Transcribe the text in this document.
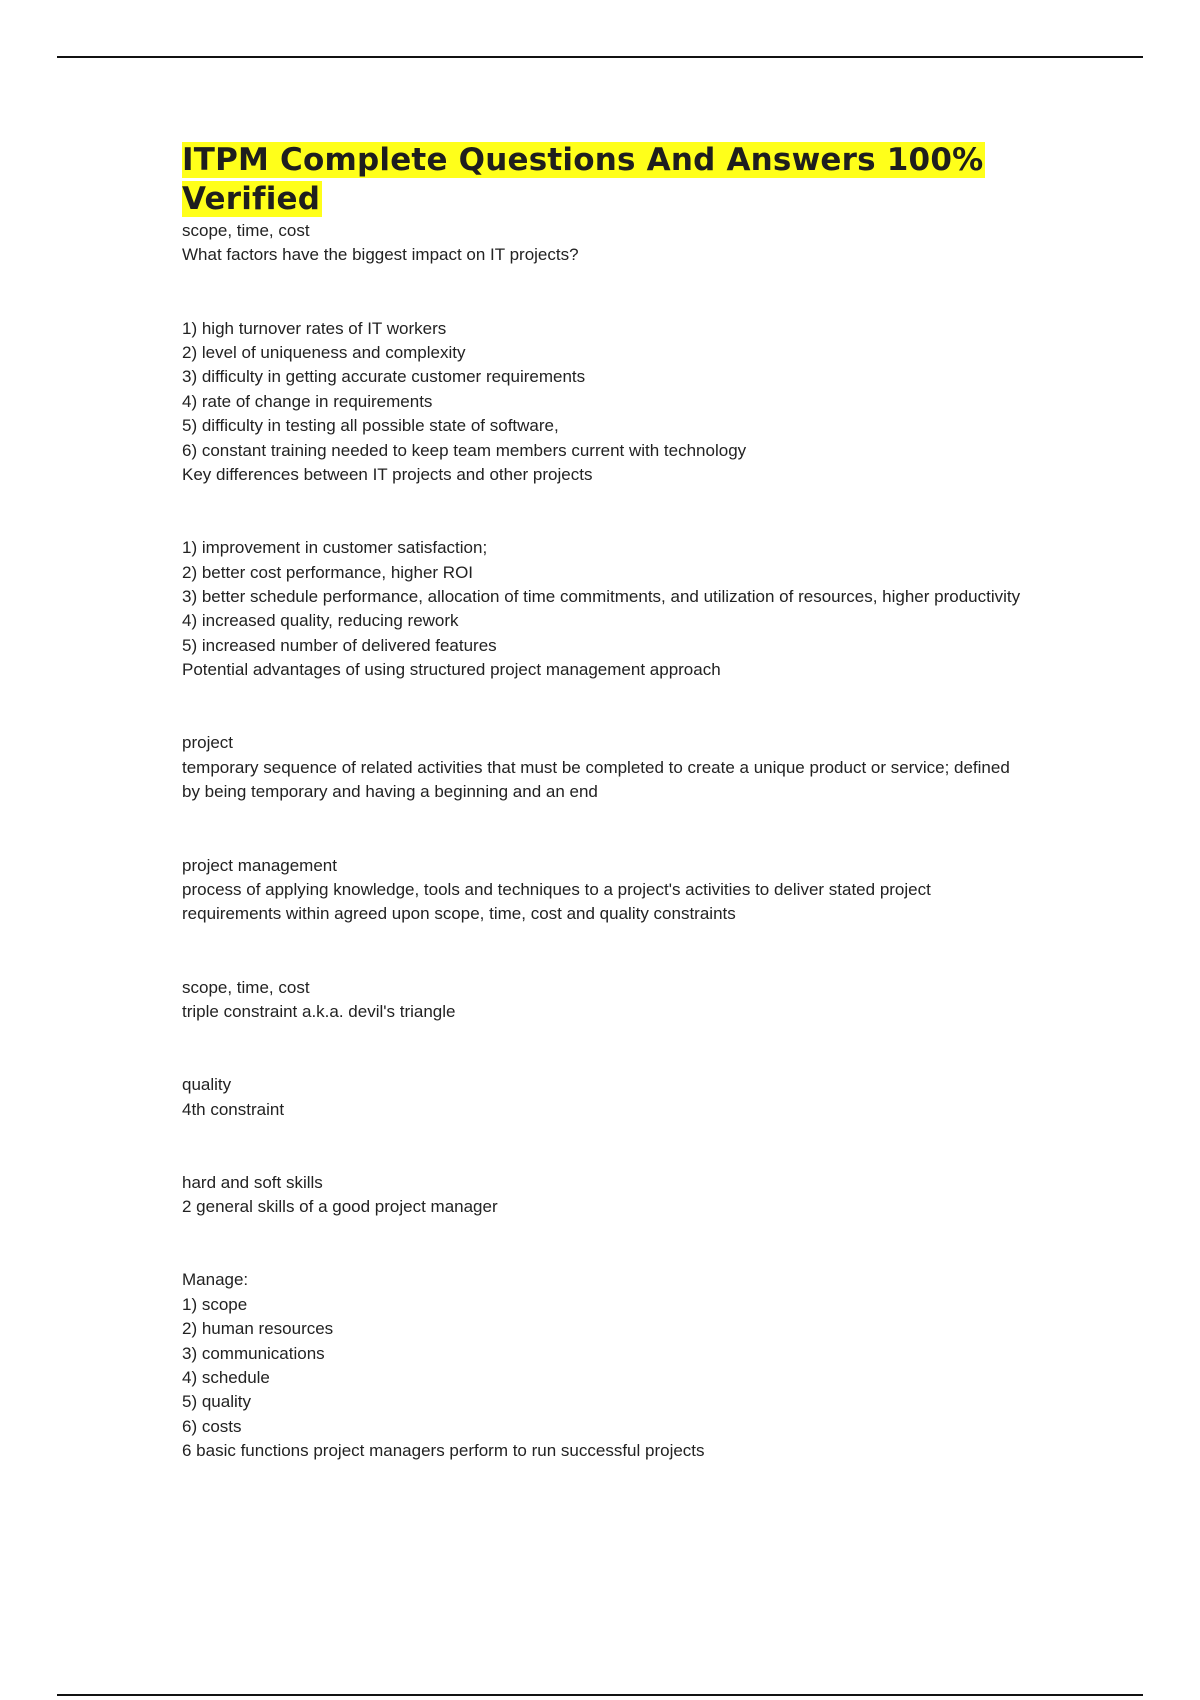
ITPM Complete Questions And Answers 100% Verified
scope, time, cost
What factors have the biggest impact on IT projects?
1) high turnover rates of IT workers
2) level of uniqueness and complexity
3) difficulty in getting accurate customer requirements
4) rate of change in requirements
5) difficulty in testing all possible state of software,
6) constant training needed to keep team members current with technology
Key differences between IT projects and other projects
1) improvement in customer satisfaction;
2) better cost performance, higher ROI
3) better schedule performance, allocation of time commitments, and utilization of resources, higher productivity
4) increased quality, reducing rework
5) increased number of delivered features
Potential advantages of using structured project management approach
project
temporary sequence of related activities that must be completed to create a unique product or service; defined by being temporary and having a beginning and an end
project management
process of applying knowledge, tools and techniques to a project's activities to deliver stated project requirements within agreed upon scope, time, cost and quality constraints
scope, time, cost
triple constraint a.k.a. devil's triangle
quality
4th constraint
hard and soft skills
2 general skills of a good project manager
Manage:
1) scope
2) human resources
3) communications
4) schedule
5) quality
6) costs
6 basic functions project managers perform to run successful projects
